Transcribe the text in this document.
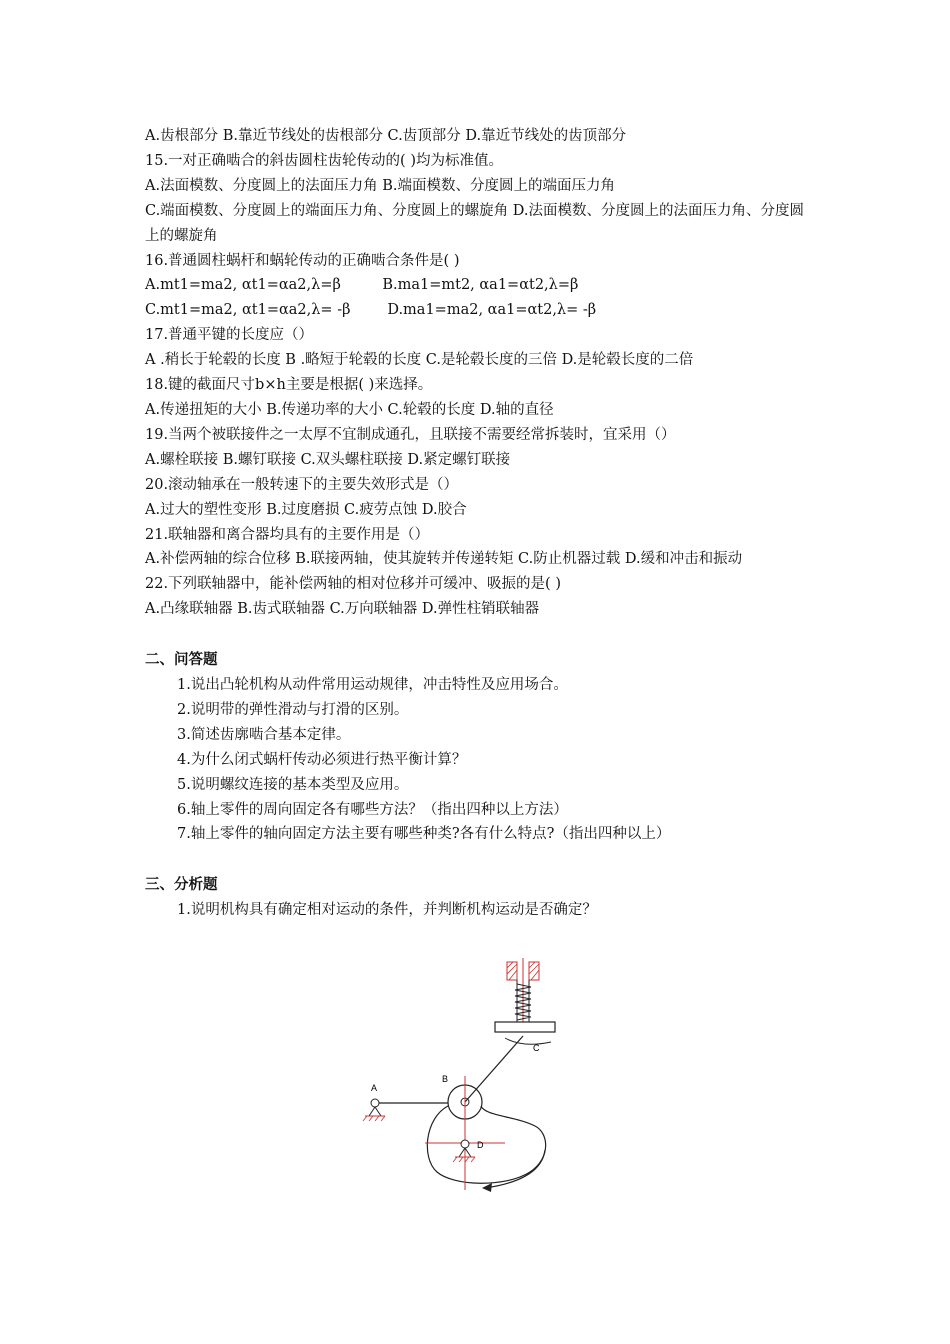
A.齿根部分 B.靠近节线处的齿根部分 C.齿顶部分 D.靠近节线处的齿顶部分
15.一对正确啮合的斜齿圆柱齿轮传动的( )均为标准值。
A.法面模数、分度圆上的法面压力角 B.端面模数、分度圆上的端面压力角
C.端面模数、分度圆上的端面压力角、分度圆上的螺旋角 D.法面模数、分度圆上的法面压力角、分度圆上的螺旋角
16.普通圆柱蜗杆和蜗轮传动的正确啮合条件是( )
A.mt1=ma2, αt1=αa2,λ=β         B.ma1=mt2, αa1=αt2,λ=β
C.mt1=ma2, αt1=αa2,λ= -β        D.ma1=ma2, αa1=αt2,λ= -β
17.普通平键的长度应（）
A .稍长于轮毂的长度 B .略短于轮毂的长度 C.是轮毂长度的三倍 D.是轮毂长度的二倍
18.键的截面尺寸b×h主要是根据( )来选择。
A.传递扭矩的大小 B.传递功率的大小 C.轮毂的长度 D.轴的直径
19.当两个被联接件之一太厚不宜制成通孔，且联接不需要经常拆装时，宜采用（）
A.螺栓联接 B.螺钉联接 C.双头螺柱联接 D.紧定螺钉联接
20.滚动轴承在一般转速下的主要失效形式是（）
A.过大的塑性变形 B.过度磨损 C.疲劳点蚀 D.胶合
21.联轴器和离合器均具有的主要作用是（）
A.补偿两轴的综合位移 B.联接两轴，使其旋转并传递转矩 C.防止机器过载 D.缓和冲击和振动
22.下列联轴器中，能补偿两轴的相对位移并可缓冲、吸振的是( )
A.凸缘联轴器 B.齿式联轴器 C.万向联轴器 D.弹性柱销联轴器
二、问答题
1.说出凸轮机构从动件常用运动规律，冲击特性及应用场合。
2.说明带的弹性滑动与打滑的区别。
3.简述齿廓啮合基本定律。
4.为什么闭式蜗杆传动必须进行热平衡计算？
5.说明螺纹连接的基本类型及应用。
6.轴上零件的周向固定各有哪些方法？（指出四种以上方法）
7.轴上零件的轴向固定方法主要有哪些种类?各有什么特点?（指出四种以上）
三、分析题
1.说明机构具有确定相对运动的条件，并判断机构运动是否确定？
C
B
A
D
